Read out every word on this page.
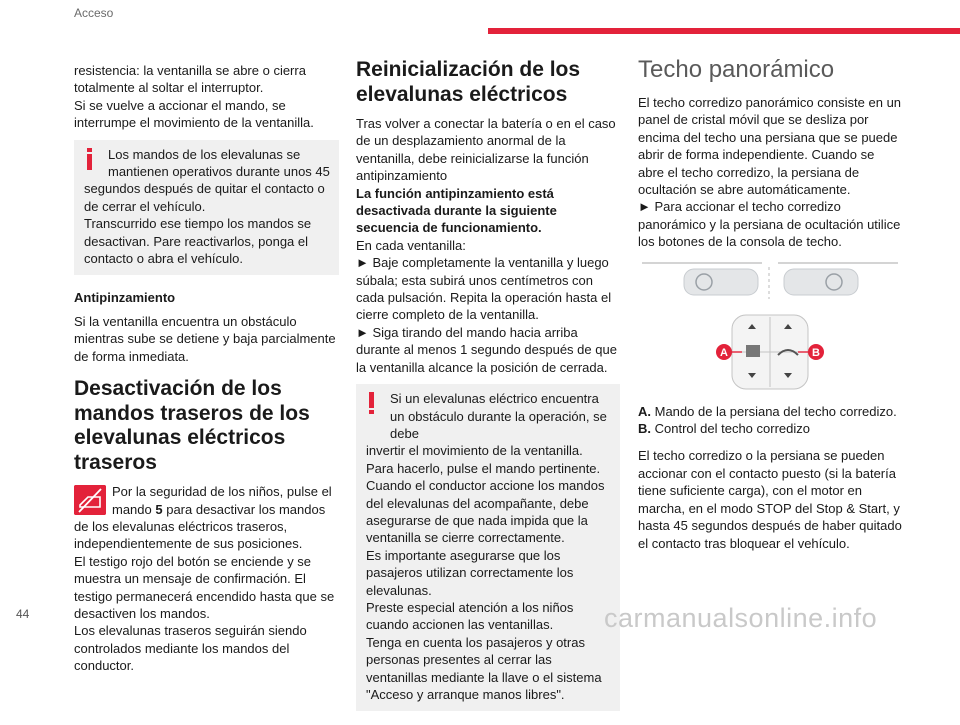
Acceso

resistencia: la ventanilla se abre o cierra totalmente al soltar el interruptor.

Si se vuelve a accionar el mando, se interrumpe el movimiento de la ventanilla.

Los mandos de los elevalunas se mantienen operativos durante unos 45

segundos después de quitar el contacto o de cerrar el vehículo.

Transcurrido ese tiempo los mandos se desactivan. Pare reactivarlos, ponga el contacto o abra el vehículo.

Antipinzamiento

Si la ventanilla encuentra un obstáculo mientras sube se detiene y baja parcialmente de forma inmediata.

Desactivación de los mandos traseros de los elevalunas eléctricos traseros

Por la seguridad de los niños, pulse el mando 5 para desactivar los mandos de los elevalunas eléctricos traseros, independientemente de sus posiciones.

El testigo rojo del botón se enciende y se muestra un mensaje de confirmación. El testigo permanecerá encendido hasta que se desactiven los mandos.

Los elevalunas traseros seguirán siendo controlados mediante los mandos del conductor.

Reinicialización de los elevalunas eléctricos

Tras volver a conectar la batería o en el caso de un desplazamiento anormal de la ventanilla, debe reinicializarse la función antipinzamiento

La función antipinzamiento está desactivada durante la siguiente secuencia de funcionamiento.

En cada ventanilla:

► Baje completamente la ventanilla y luego súbala; esta subirá unos centímetros con cada pulsación. Repita la operación hasta el cierre completo de la ventanilla.

► Siga tirando del mando hacia arriba durante al menos 1 segundo después de que la ventanilla alcance la posición de cerrada.

Si un elevalunas eléctrico encuentra un obstáculo durante la operación, se debe

invertir el movimiento de la ventanilla. Para hacerlo, pulse el mando pertinente.

Cuando el conductor accione los mandos del elevalunas del acompañante, debe asegurarse de que nada impida que la ventanilla se cierre correctamente.

Es importante asegurarse que los pasajeros utilizan correctamente los elevalunas.

Preste especial atención a los niños cuando accionen las ventanillas.

Tenga en cuenta los pasajeros y otras personas presentes al cerrar las ventanillas mediante la llave o el sistema "Acceso y arranque manos libres".

Techo panorámico

El techo corredizo panorámico consiste en un panel de cristal móvil que se desliza por encima del techo una persiana que se puede abrir de forma independiente. Cuando se abre el techo corredizo, la persiana de ocultación se abre automáticamente.

► Para accionar el techo corredizo panorámico y la persiana de ocultación utilice los botones de la consola de techo.

A	B
A. Mando de la persiana del techo corredizo.
B. Control del techo corredizo

El techo corredizo o la persiana se pueden accionar con el contacto puesto (si la batería tiene suficiente carga), con el motor en marcha, en el modo STOP del Stop & Start, y hasta 45 segundos después de haber quitado el contacto tras bloquear el vehículo.

44	carmanualsonline.info
